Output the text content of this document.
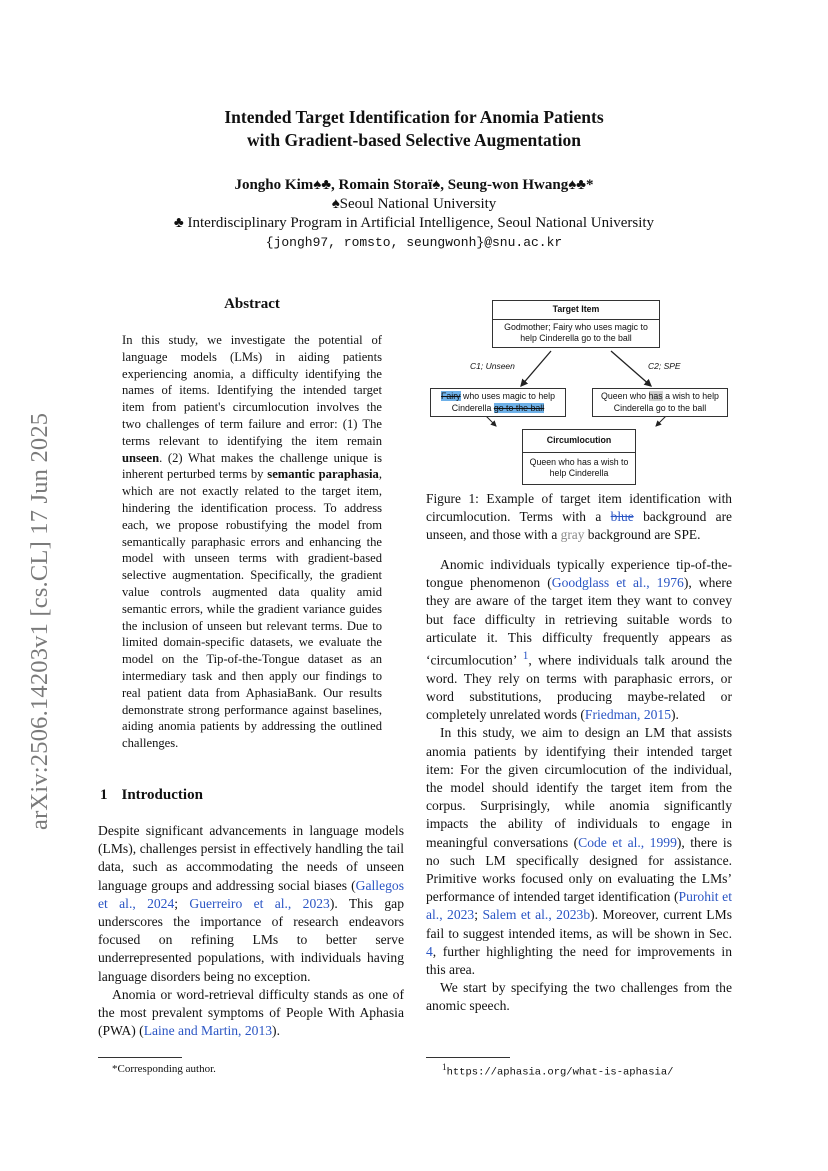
arXiv:2506.14203v1 [cs.CL] 17 Jun 2025
Intended Target Identification for Anomia Patients
with Gradient-based Selective Augmentation
Jongho Kim♠♣, Romain Storaï♠, Seung-won Hwang♠♣*
♠Seoul National University
♣ Interdisciplinary Program in Artificial Intelligence, Seoul National University
{jongh97, romsto, seungwonh}@snu.ac.kr
Abstract
In this study, we investigate the potential of language models (LMs) in aiding patients experiencing anomia, a difficulty identifying the names of items. Identifying the intended target item from patient's circumlocution involves the two challenges of term failure and error: (1) The terms relevant to identifying the item remain unseen. (2) What makes the challenge unique is inherent perturbed terms by semantic paraphasia, which are not exactly related to the target item, hindering the identification process. To address each, we propose robustifying the model from semantically paraphasic errors and enhancing the model with unseen terms with gradient-based selective augmentation. Specifically, the gradient value controls augmented data quality amid semantic errors, while the gradient variance guides the inclusion of unseen but relevant terms. Due to limited domain-specific datasets, we evaluate the model on the Tip-of-the-Tongue dataset as an intermediary task and then apply our findings to real patient data from AphasiaBank. Our results demonstrate strong performance against baselines, aiding anomia patients by addressing the outlined challenges.
1 Introduction

Despite significant advancements in language models (LMs), challenges persist in effectively handling the tail data, such as accommodating the needs of unseen language groups and addressing social biases (Gallegos et al., 2024; Guerreiro et al., 2023). This gap underscores the importance of research endeavors focused on refining LMs to better serve underrepresented populations, with individuals having language disorders being no exception.

Anomia or word-retrieval difficulty stands as one of the most prevalent symptoms of People With Aphasia (PWA) (Laine and Martin, 2013).

*Corresponding author.
Target Item
Godmother; Fairy who uses magic to help Cinderella go to the ball
C1; Unseen	C2; SPE
Fairy who uses magic to help Cinderella go to the ball
Queen who has a wish to help Cinderella go to the ball
Circumlocution
Queen who has a wish to help Cinderella
Figure 1: Example of target item identification with circumlocution. Terms with a blue background are unseen, and those with a gray background are SPE.

Anomic individuals typically experience tip-of-the-tongue phenomenon (Goodglass et al., 1976), where they are aware of the target item they want to convey but face difficulty in retrieving suitable words to articulate it. This difficulty frequently appears as ‘circumlocution’ $^1$, where individuals talk around the word. They rely on terms with paraphasic errors, or word substitutions, producing maybe-related or completely unrelated words (Friedman, 2015).

In this study, we aim to design an LM that assists anomia patients by identifying their intended target item: For the given circumlocution of the individual, the model should identify the target item from the corpus. Surprisingly, while anomia significantly impacts the ability of individuals to engage in meaningful conversations (Code et al., 1999), there is no such LM specifically designed for assistance. Primitive works focused only on evaluating the LMs’ performance of intended target identification (Purohit et al., 2023; Salem et al., 2023b). Moreover, current LMs fail to suggest intended items, as will be shown in Sec. 4, further highlighting the need for improvements in this area.

We start by specifying the two challenges from the anomic speech.

$^1$https://aphasia.org/what-is-aphasia/
